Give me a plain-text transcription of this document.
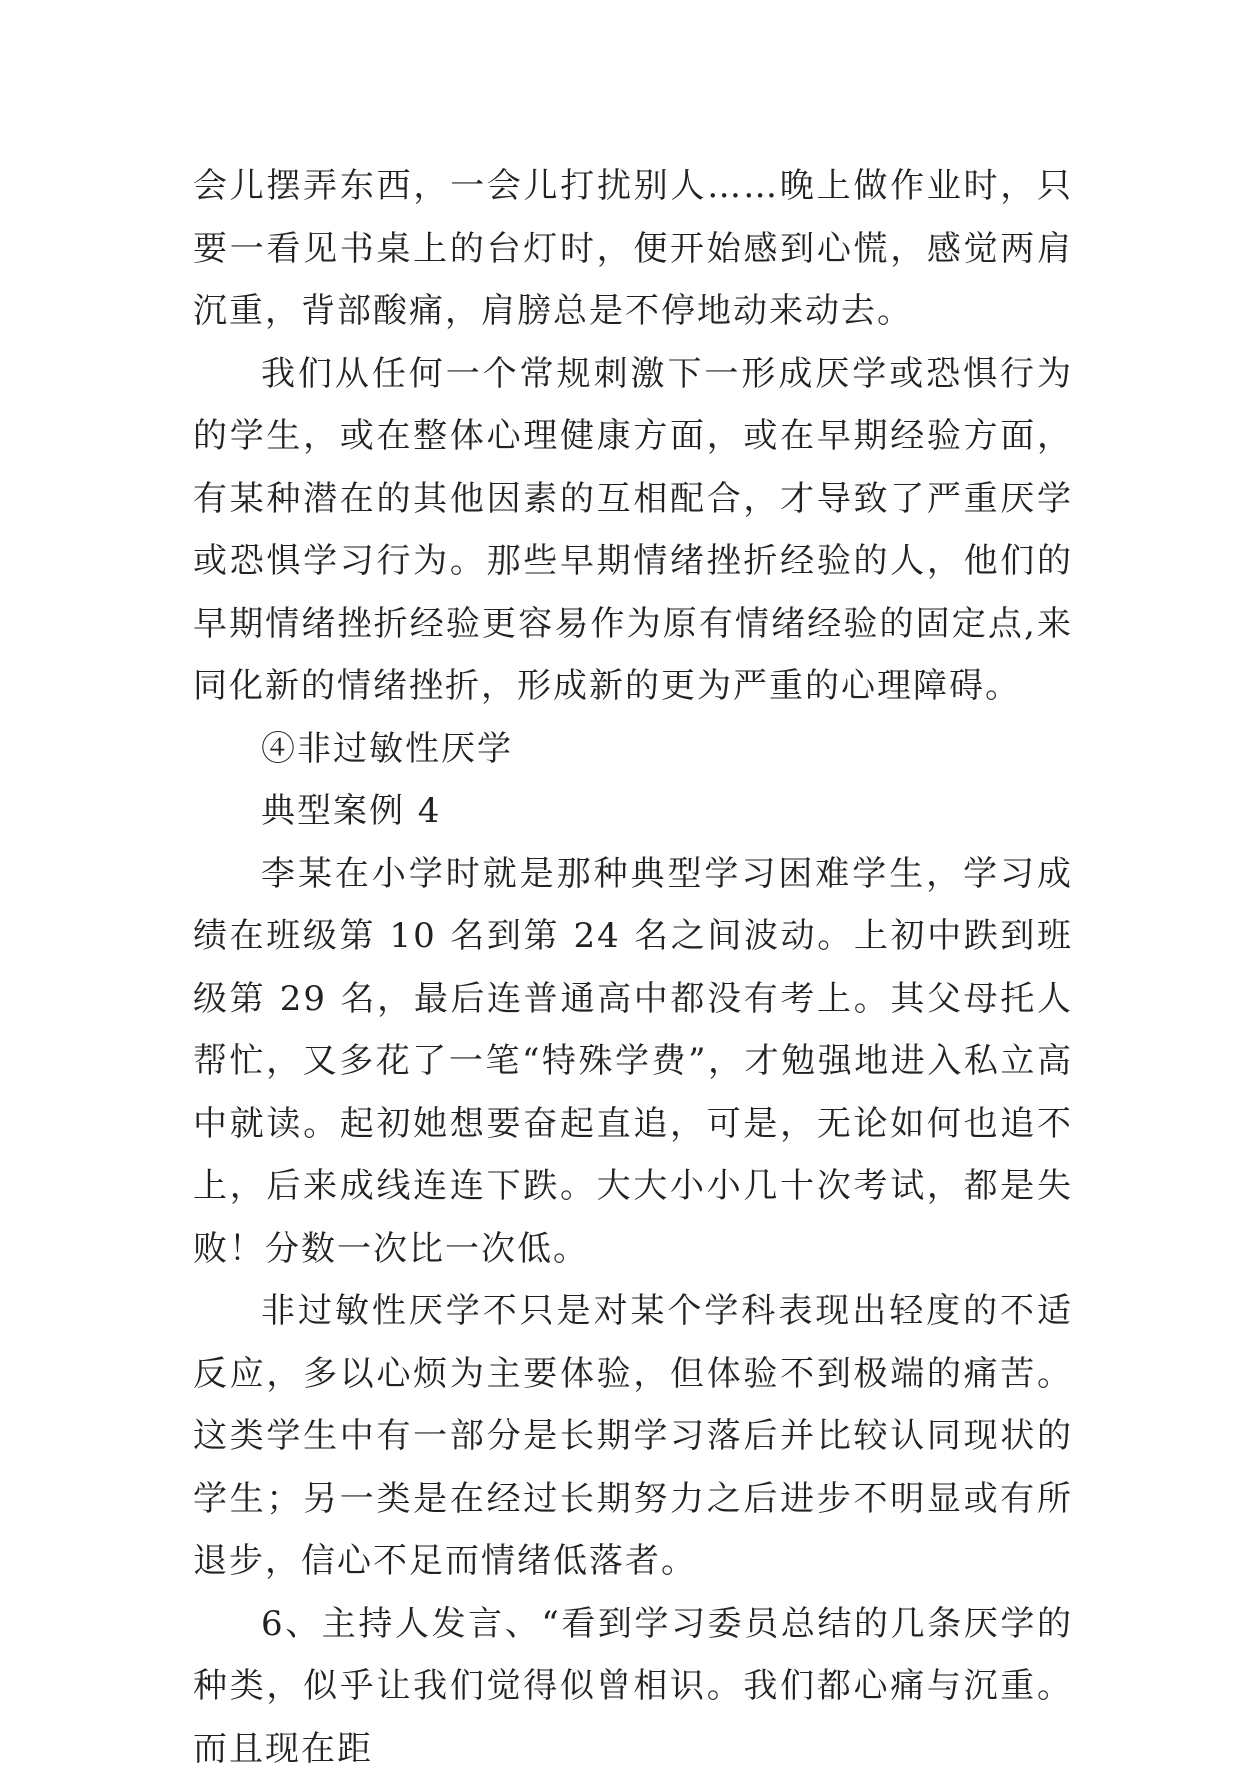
会儿摆弄东西，一会儿打扰别人……晚上做作业时，只要一看见书桌上的台灯时，便开始感到心慌，感觉两肩沉重，背部酸痛，肩膀总是不停地动来动去。

我们从任何一个常规刺激下一形成厌学或恐惧行为的学生，或在整体心理健康方面，或在早期经验方面，有某种潜在的其他因素的互相配合，才导致了严重厌学或恐惧学习行为。那些早期情绪挫折经验的人，他们的早期情绪挫折经验更容易作为原有情绪经验的固定点,来同化新的情绪挫折，形成新的更为严重的心理障碍。

④非过敏性厌学

典型案例 4

李某在小学时就是那种典型学习困难学生，学习成绩在班级第 10 名到第 24 名之间波动。上初中跌到班级第 29 名，最后连普通高中都没有考上。其父母托人帮忙，又多花了一笔“特殊学费”，才勉强地进入私立高中就读。起初她想要奋起直追，可是，无论如何也追不上，后来成线连连下跌。大大小小几十次考试，都是失败！分数一次比一次低。

非过敏性厌学不只是对某个学科表现出轻度的不适反应，多以心烦为主要体验，但体验不到极端的痛苦。这类学生中有一部分是长期学习落后并比较认同现状的学生；另一类是在经过长期努力之后进步不明显或有所退步，信心不足而情绪低落者。

6、主持人发言、“看到学习委员总结的几条厌学的种类，似乎让我们觉得似曾相识。我们都心痛与沉重。而且现在距
